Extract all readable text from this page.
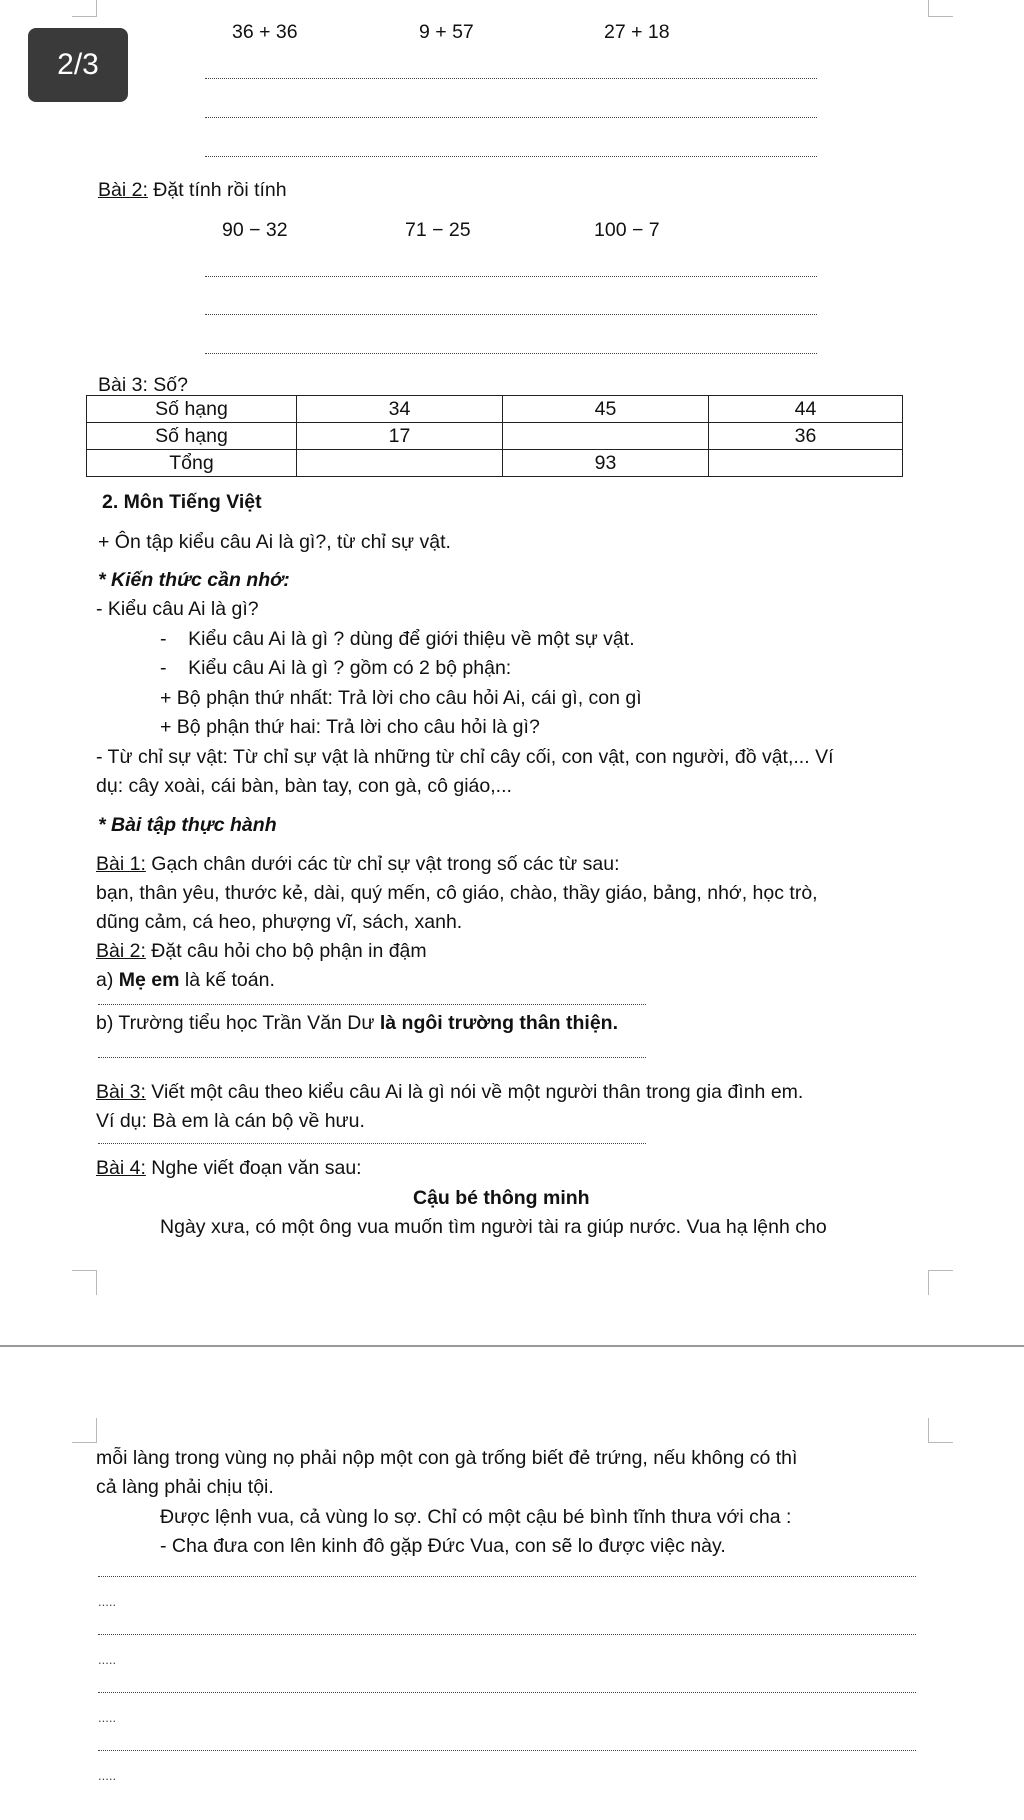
2/3
36 + 36	9 + 57	27 + 18
Bài 2: Đặt tính rồi tính
90 − 32	71 − 25	100 − 7
Bài 3: Số?
Số hạng	34	45	44
Số hạng	17		36
Tổng		93	
2. Môn Tiếng Việt
+ Ôn tập kiểu câu Ai là gì?, từ chỉ sự vật.
* Kiến thức cần nhớ:
- Kiểu câu Ai là gì?
-    Kiểu câu Ai là gì ? dùng để giới thiệu về một sự vật.
-    Kiểu câu Ai là gì ? gồm có 2 bộ phận:
+ Bộ phận thứ nhất: Trả lời cho câu hỏi Ai, cái gì, con gì
+ Bộ phận thứ hai: Trả lời cho câu hỏi là gì?
- Từ chỉ sự vật: Từ chỉ sự vật là những từ chỉ cây cối, con vật, con người, đồ vật,... Ví
dụ: cây xoài, cái bàn, bàn tay, con gà, cô giáo,...
* Bài tập thực hành
Bài 1: Gạch chân dưới các từ chỉ sự vật trong số các từ sau:
bạn, thân yêu, thước kẻ, dài, quý mến, cô giáo, chào, thầy giáo, bảng, nhớ, học trò,
dũng cảm, cá heo, phượng vĩ, sách, xanh.
Bài 2: Đặt câu hỏi cho bộ phận in đậm
a) Mẹ em là kế toán.
b) Trường tiểu học Trần Văn Dư là ngôi trường thân thiện.
Bài 3: Viết một câu theo kiểu câu Ai là gì nói về một người thân trong gia đình em.
Ví dụ: Bà em là cán bộ về hưu.
Bài 4: Nghe viết đoạn văn sau:
Cậu bé thông minh
Ngày xưa, có một ông vua muốn tìm người tài ra giúp nước. Vua hạ lệnh cho
mỗi làng trong vùng nọ phải nộp một con gà trống biết đẻ trứng, nếu không có thì
cả làng phải chịu tội.
Được lệnh vua, cả vùng lo sợ. Chỉ có một cậu bé bình tĩnh thưa với cha :
- Cha đưa con lên kinh đô gặp Đức Vua, con sẽ lo được việc này.
.....
.....
.....
.....
